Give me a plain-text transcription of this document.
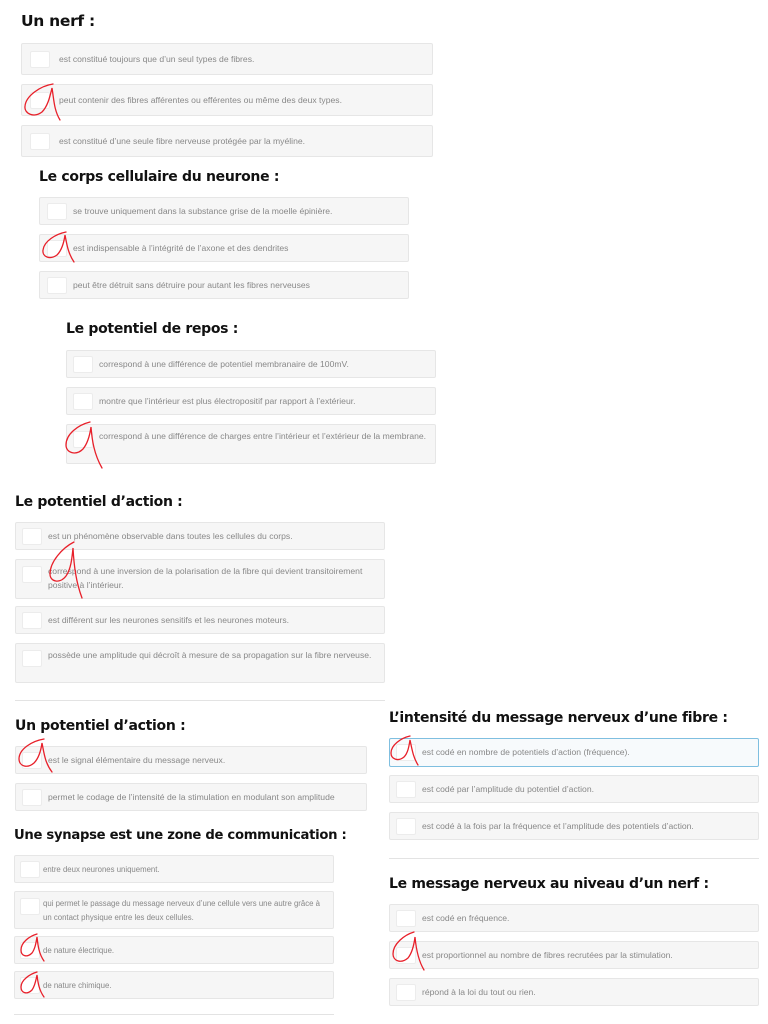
Un nerf :
est constitué toujours que d’un seul types de fibres.
peut contenir des fibres afférentes ou efférentes ou même des deux types.
est constitué d’une seule fibre nerveuse protégée par la myéline.
Le corps cellulaire du neurone :
se trouve uniquement dans la substance grise de la moelle épinière.
est indispensable à l’intégrité de l’axone et des dendrites
peut être détruit sans détruire pour autant les fibres nerveuses
Le potentiel de repos :
correspond à une différence de potentiel membranaire de 100mV.
montre que l’intérieur est plus électropositif par rapport à l’extérieur.
correspond à une différence de charges entre l’intérieur et l’extérieur de la membrane.
Le potentiel d’action :
est un phénomène observable dans toutes les cellules du corps.
correspond à une inversion de la polarisation de la fibre qui devient transitoirement positive à l’intérieur.
est différent sur les neurones sensitifs et les neurones moteurs.
possède une amplitude qui décroît à mesure de sa propagation sur la fibre nerveuse.
Un potentiel d’action :
est le signal élémentaire du message nerveux.
permet le codage de l’intensité de la stimulation en modulant son amplitude
Une synapse est une zone de communication :
entre deux neurones uniquement.
qui permet le passage du message nerveux d’une cellule vers une autre grâce à un contact physique entre les deux cellules.
de nature électrique.
de nature chimique.
L’intensité du message nerveux d’une fibre :
est codé en nombre de potentiels d’action (fréquence).
est codé par l’amplitude du potentiel d’action.
est codé à la fois par la fréquence et l’amplitude des potentiels d’action.
Le message nerveux au niveau d’un nerf :
est codé en fréquence.
est proportionnel au nombre de fibres recrutées par la stimulation.
répond à la loi du tout ou rien.
